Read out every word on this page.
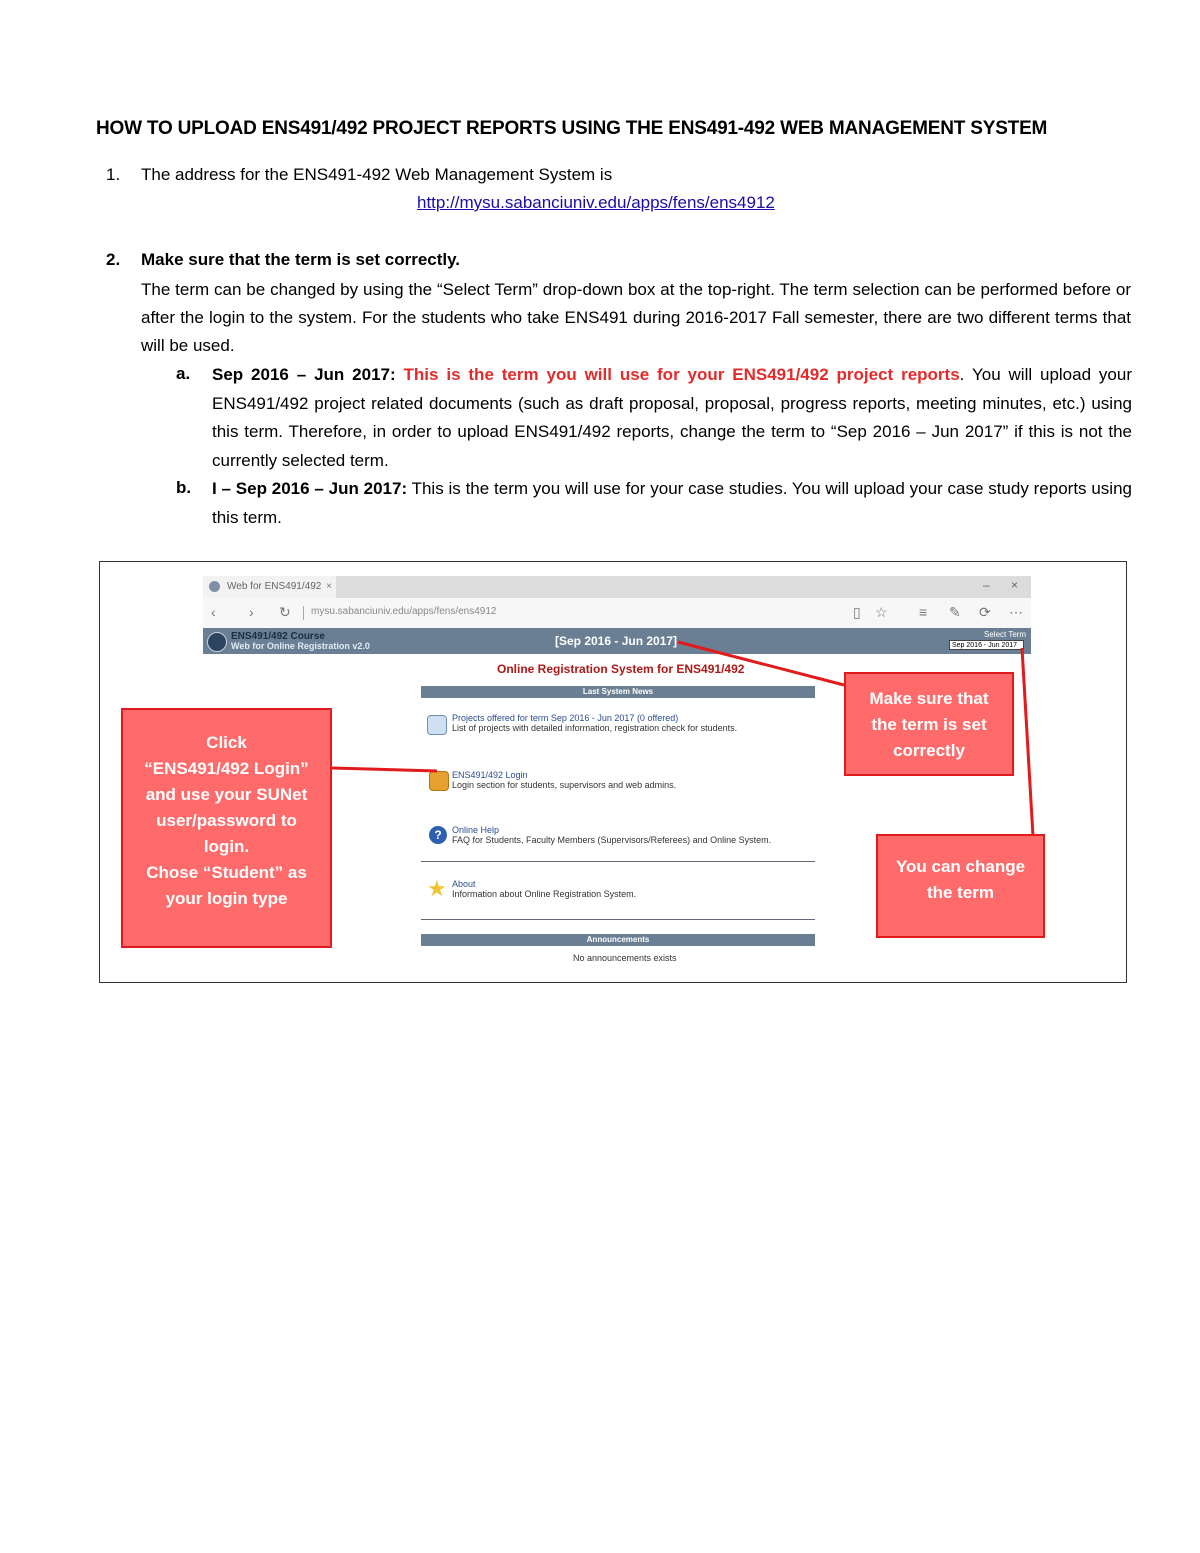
HOW TO UPLOAD ENS491/492 PROJECT REPORTS USING THE ENS491-492 WEB MANAGEMENT SYSTEM
1. The address for the ENS491-492 Web Management System is
http://mysu.sabanciuniv.edu/apps/fens/ens4912
2. Make sure that the term is set correctly.
The term can be changed by using the “Select Term” drop-down box at the top-right. The term selection can be performed before or after the login to the system. For the students who take ENS491 during 2016-2017 Fall semester, there are two different terms that will be used.
a. Sep 2016 – Jun 2017: This is the term you will use for your ENS491/492 project reports. You will upload your ENS491/492 project related documents (such as draft proposal, proposal, progress reports, meeting minutes, etc.) using this term. Therefore, in order to upload ENS491/492 reports, change the term to “Sep 2016 – Jun 2017” if this is not the currently selected term.
b. I – Sep 2016 – Jun 2017: This is the term you will use for your case studies. You will upload your case study reports using this term.
Web for ENS491/492 ×	– ×
‹ › ↻ mysu.sabanciuniv.edu/apps/fens/ens4912	▯ ☆ ≡ ✎ ⟳ ⋯
ENS491/492 Course
Web for Online Registration v2.0	[Sep 2016 - Jun 2017]	Select Term
Sep 2016 - Jun 2017
Online Registration System for ENS491/492
Last System News
Projects offered for term Sep 2016 - Jun 2017 (0 offered)
List of projects with detailed information, registration check for students.
ENS491/492 Login
Login section for students, supervisors and web admins.
?	Online Help
FAQ for Students, Faculty Members (Supervisors/Referees) and Online System.
★ About
Information about Online Registration System.
Announcements
No announcements exists
Click
“ENS491/492 Login”
and use your SUNet
user/password to
login.
Chose “Student” as
your login type
Make sure that
the term is set
correctly
You can change
the term
